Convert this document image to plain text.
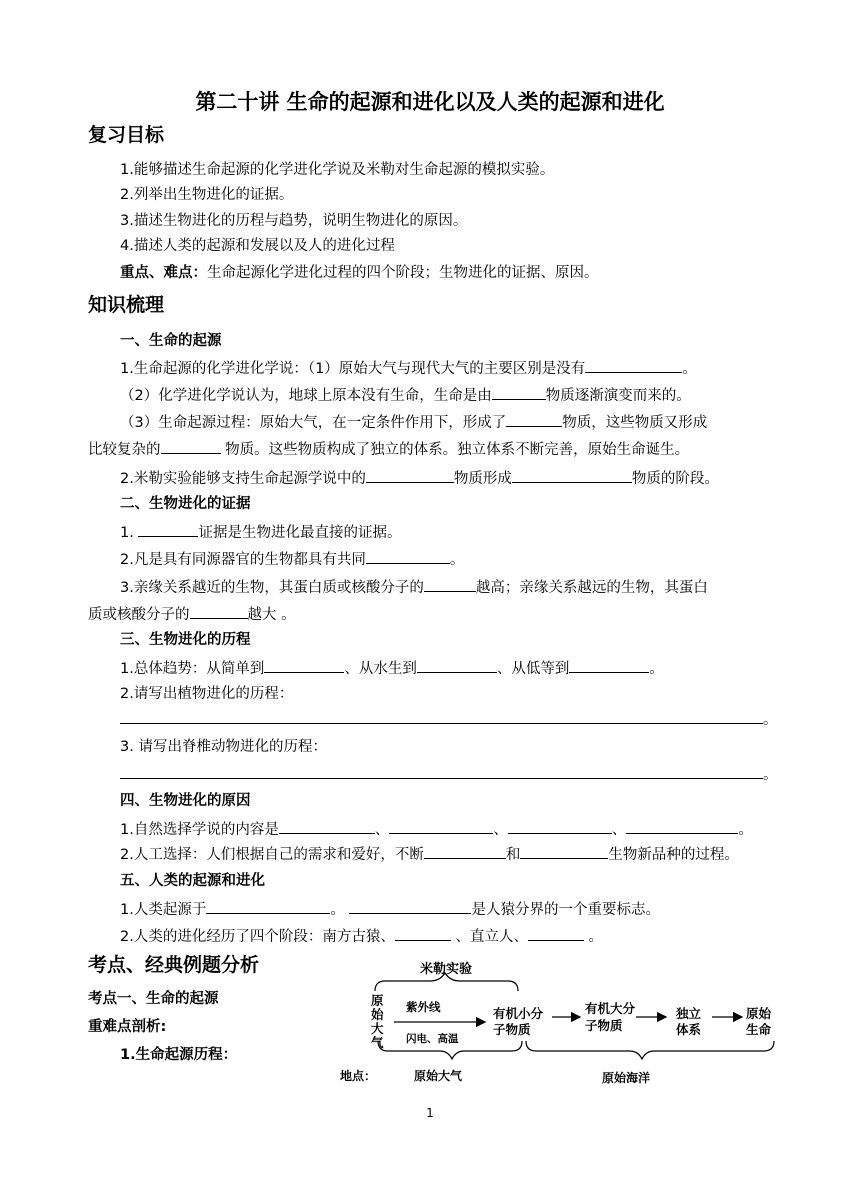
第二十讲 生命的起源和进化以及人类的起源和进化
复习目标
1.能够描述生命起源的化学进化学说及米勒对生命起源的模拟实验。
2.列举出生物进化的证据。
3.描述生物进化的历程与趋势，说明生物进化的原因。
4.描述人类的起源和发展以及人的进化过程
重点、难点：生命起源化学进化过程的四个阶段；生物进化的证据、原因。
知识梳理
一、生命的起源
1.生命起源的化学进化学说：（1）原始大气与现代大气的主要区别是没有	。
（2）化学进化学说认为，地球上原本没有生命，生命是由	物质逐渐演变而来的。
（3）生命起源过程：原始大气，在一定条件作用下，形成了	物质，这些物质又形成
比较复杂的	物质。这些物质构成了独立的体系。独立体系不断完善，原始生命诞生。
2.米勒实验能够支持生命起源学说中的	物质形成	物质的阶段。
二、生物进化的证据
1.	证据是生物进化最直接的证据。
2.凡是具有同源器官的生物都具有共同	。
3.亲缘关系越近的生物，其蛋白质或核酸分子的	越高；亲缘关系越远的生物，其蛋白
质或核酸分子的	越大 。
三、生物进化的历程
1.总体趋势：从简单到	、从水生到	、从低等到	。
2.请写出植物进化的历程：
。
3. 请写出脊椎动物进化的历程：
。
四、生物进化的原因
1.自然选择学说的内容是	、	、	、	。
2.人工选择：人们根据自己的需求和爱好，不断	和	生物新品种的过程。
五、人类的起源和进化
1.人类起源于	。	是人猿分界的一个重要标志。
2.人类的进化经历了四个阶段：南方古猿、	、直立人、	。
考点、经典例题分析
考点一、生命的起源
重难点剖析:
1.生命起源历程：
米勒实验
原
始
大
气
紫外线
闪电、高温
有机小分
子物质
有机大分
子物质
独立
体系
原始
生命
地点：	原始大气	原始海洋
1
